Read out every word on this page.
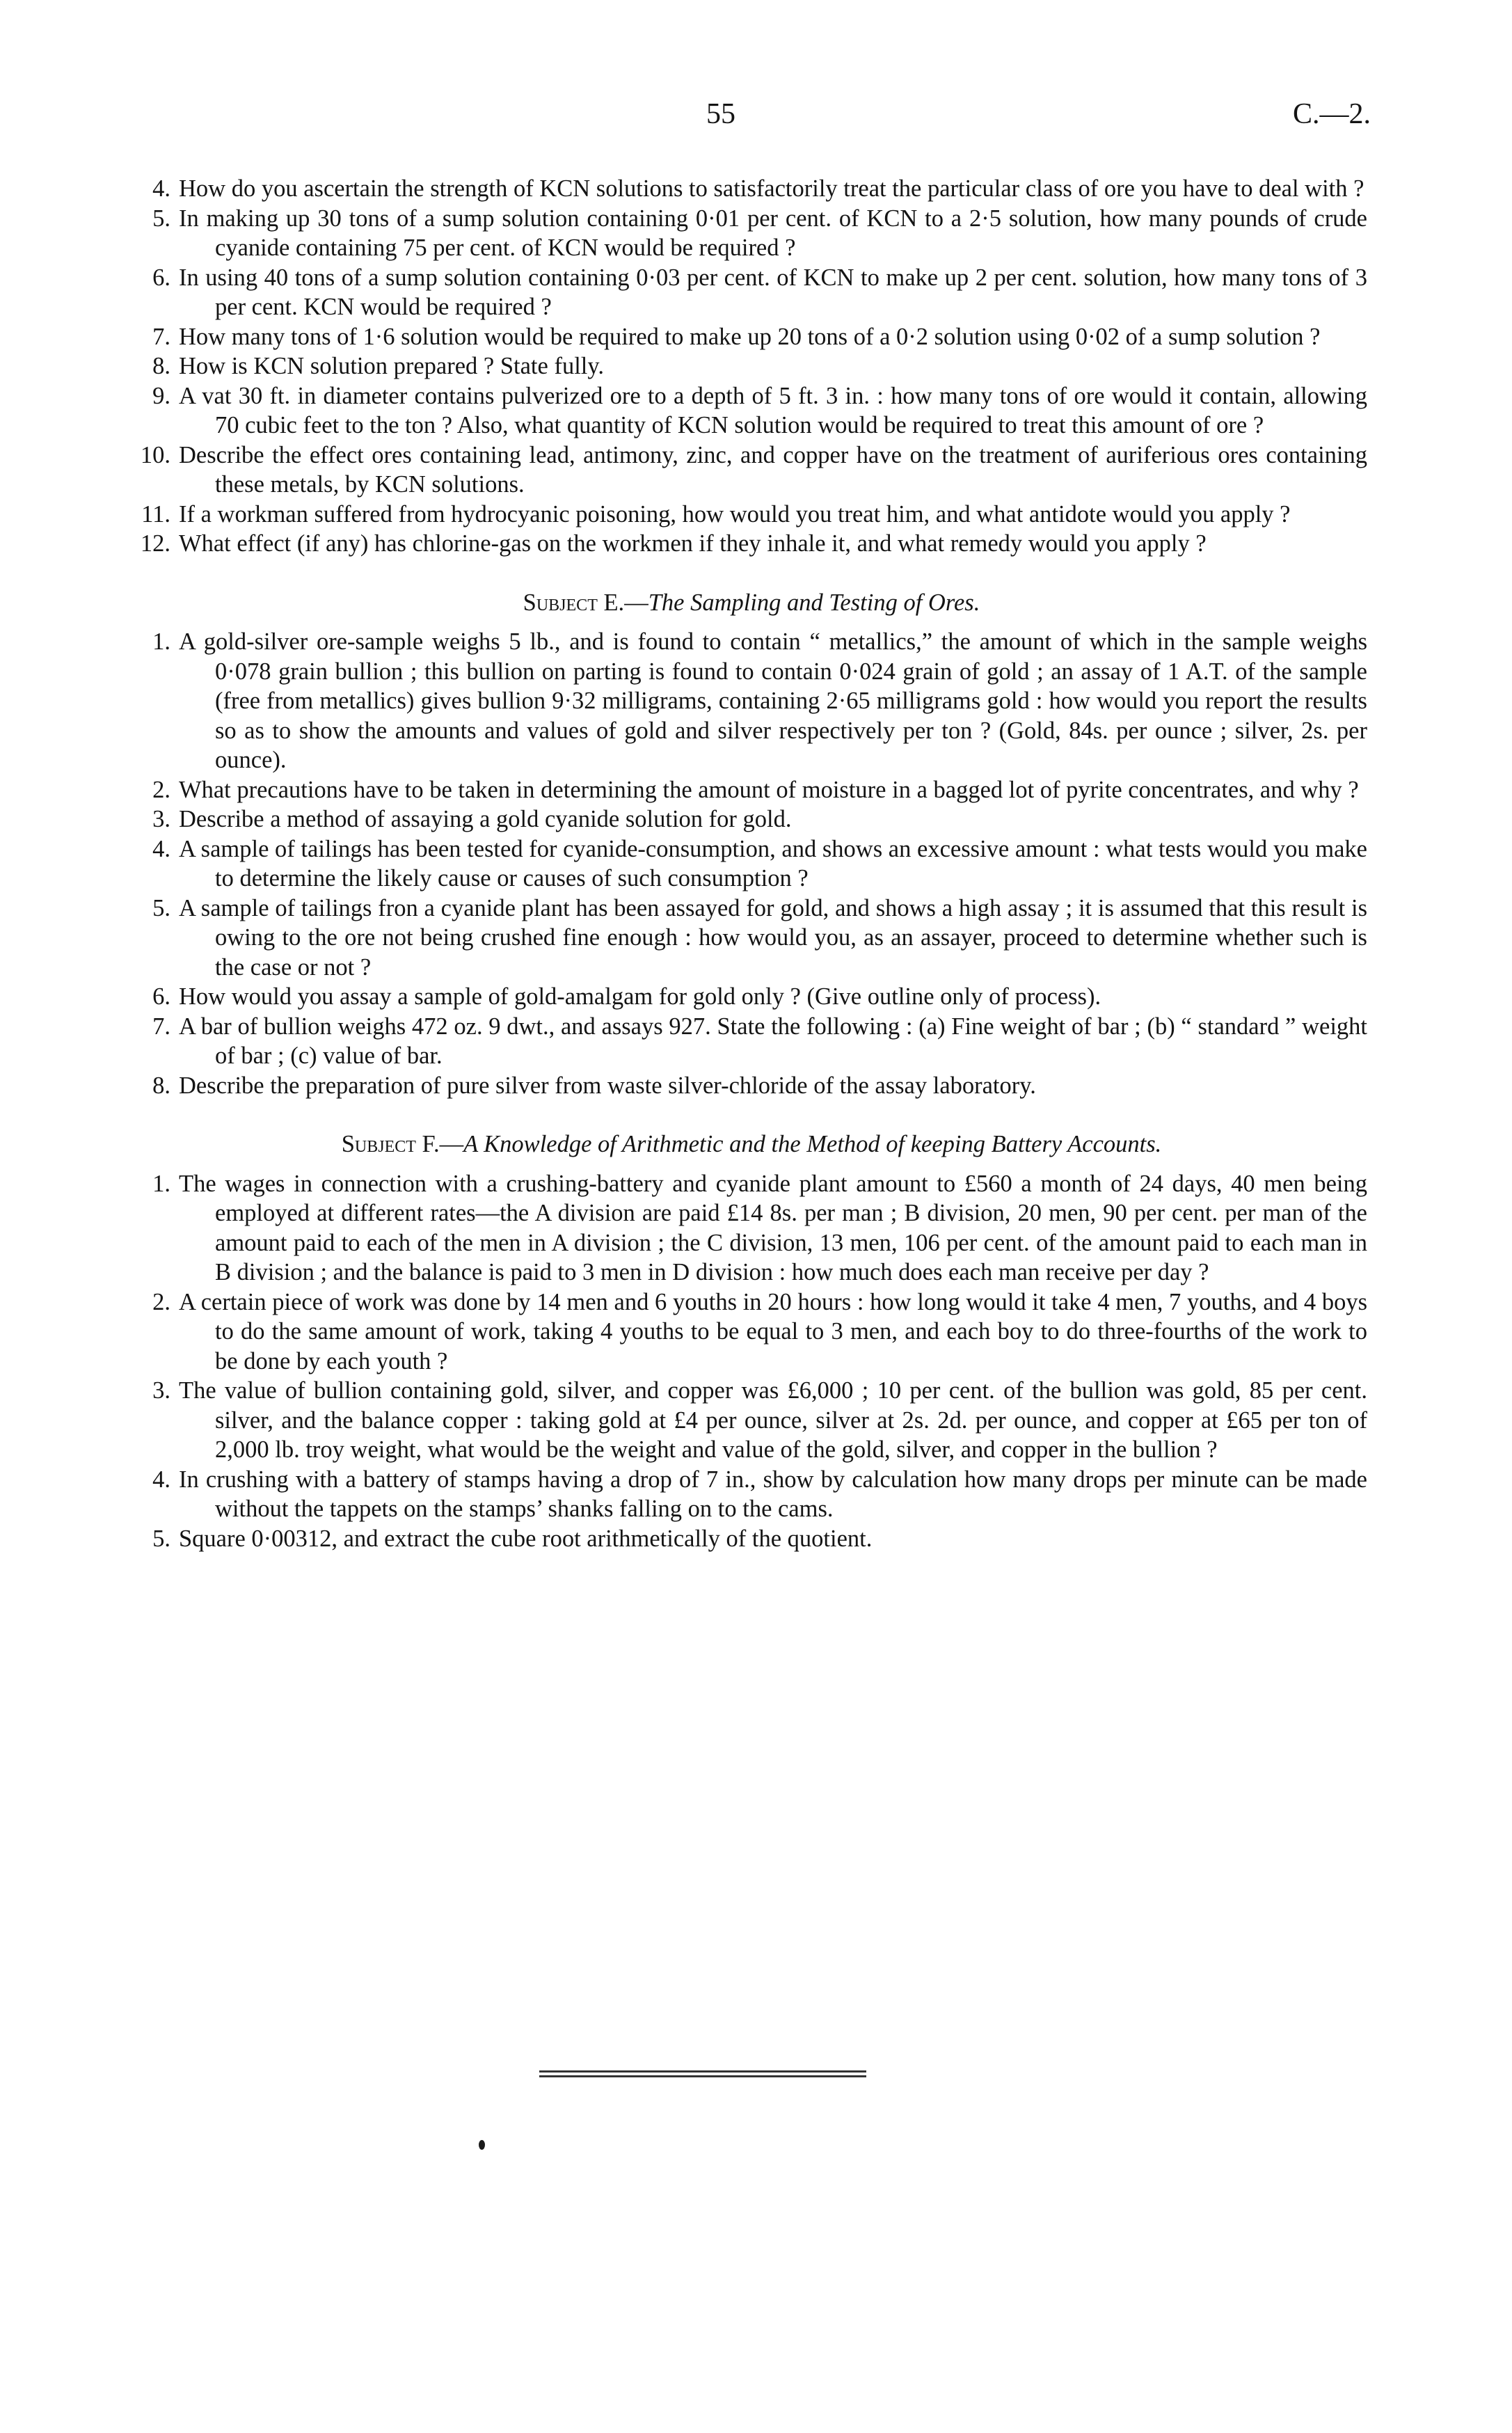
55	C.—2.
4. How do you ascertain the strength of KCN solutions to satisfactorily treat the particular class of ore you have to deal with ?
5. In making up 30 tons of a sump solution containing 0·01 per cent. of KCN to a 2·5 solution, how many pounds of crude cyanide containing 75 per cent. of KCN would be required ?
6. In using 40 tons of a sump solution containing 0·03 per cent. of KCN to make up 2 per cent. solution, how many tons of 3 per cent. KCN would be required ?
7. How many tons of 1·6 solution would be required to make up 20 tons of a 0·2 solution using 0·02 of a sump solution ?
8. How is KCN solution prepared ? State fully.
9. A vat 30 ft. in diameter contains pulverized ore to a depth of 5 ft. 3 in. : how many tons of ore would it contain, allowing 70 cubic feet to the ton ? Also, what quantity of KCN solution would be required to treat this amount of ore ?
10. Describe the effect ores containing lead, antimony, zinc, and copper have on the treatment of auriferious ores containing these metals, by KCN solutions.
11. If a workman suffered from hydrocyanic poisoning, how would you treat him, and what antidote would you apply ?
12. What effect (if any) has chlorine-gas on the workmen if they inhale it, and what remedy would you apply ?
Subject E.—The Sampling and Testing of Ores.
1. A gold-silver ore-sample weighs 5 lb., and is found to contain “ metallics,” the amount of which in the sample weighs 0·078 grain bullion ; this bullion on parting is found to contain 0·024 grain of gold ; an assay of 1 A.T. of the sample (free from metallics) gives bullion 9·32 milligrams, containing 2·65 milligrams gold : how would you report the results so as to show the amounts and values of gold and silver respectively per ton ? (Gold, 84s. per ounce ; silver, 2s. per ounce).
2. What precautions have to be taken in determining the amount of moisture in a bagged lot of pyrite concentrates, and why ?
3. Describe a method of assaying a gold cyanide solution for gold.
4. A sample of tailings has been tested for cyanide-consumption, and shows an excessive amount : what tests would you make to determine the likely cause or causes of such consumption ?
5. A sample of tailings fron a cyanide plant has been assayed for gold, and shows a high assay ; it is assumed that this result is owing to the ore not being crushed fine enough : how would you, as an assayer, proceed to determine whether such is the case or not ?
6. How would you assay a sample of gold-amalgam for gold only ? (Give outline only of process).
7. A bar of bullion weighs 472 oz. 9 dwt., and assays 927. State the following : (a) Fine weight of bar ; (b) “ standard ” weight of bar ; (c) value of bar.
8. Describe the preparation of pure silver from waste silver-chloride of the assay laboratory.
Subject F.—A Knowledge of Arithmetic and the Method of keeping Battery Accounts.
1. The wages in connection with a crushing-battery and cyanide plant amount to £560 a month of 24 days, 40 men being employed at different rates—the A division are paid £14 8s. per man ; B division, 20 men, 90 per cent. per man of the amount paid to each of the men in A division ; the C division, 13 men, 106 per cent. of the amount paid to each man in B division ; and the balance is paid to 3 men in D division : how much does each man receive per day ?
2. A certain piece of work was done by 14 men and 6 youths in 20 hours : how long would it take 4 men, 7 youths, and 4 boys to do the same amount of work, taking 4 youths to be equal to 3 men, and each boy to do three-fourths of the work to be done by each youth ?
3. The value of bullion containing gold, silver, and copper was £6,000 ; 10 per cent. of the bullion was gold, 85 per cent. silver, and the balance copper : taking gold at £4 per ounce, silver at 2s. 2d. per ounce, and copper at £65 per ton of 2,000 lb. troy weight, what would be the weight and value of the gold, silver, and copper in the bullion ?
4. In crushing with a battery of stamps having a drop of 7 in., show by calculation how many drops per minute can be made without the tappets on the stamps’ shanks falling on to the cams.
5. Square 0·00312, and extract the cube root arithmetically of the quotient.
